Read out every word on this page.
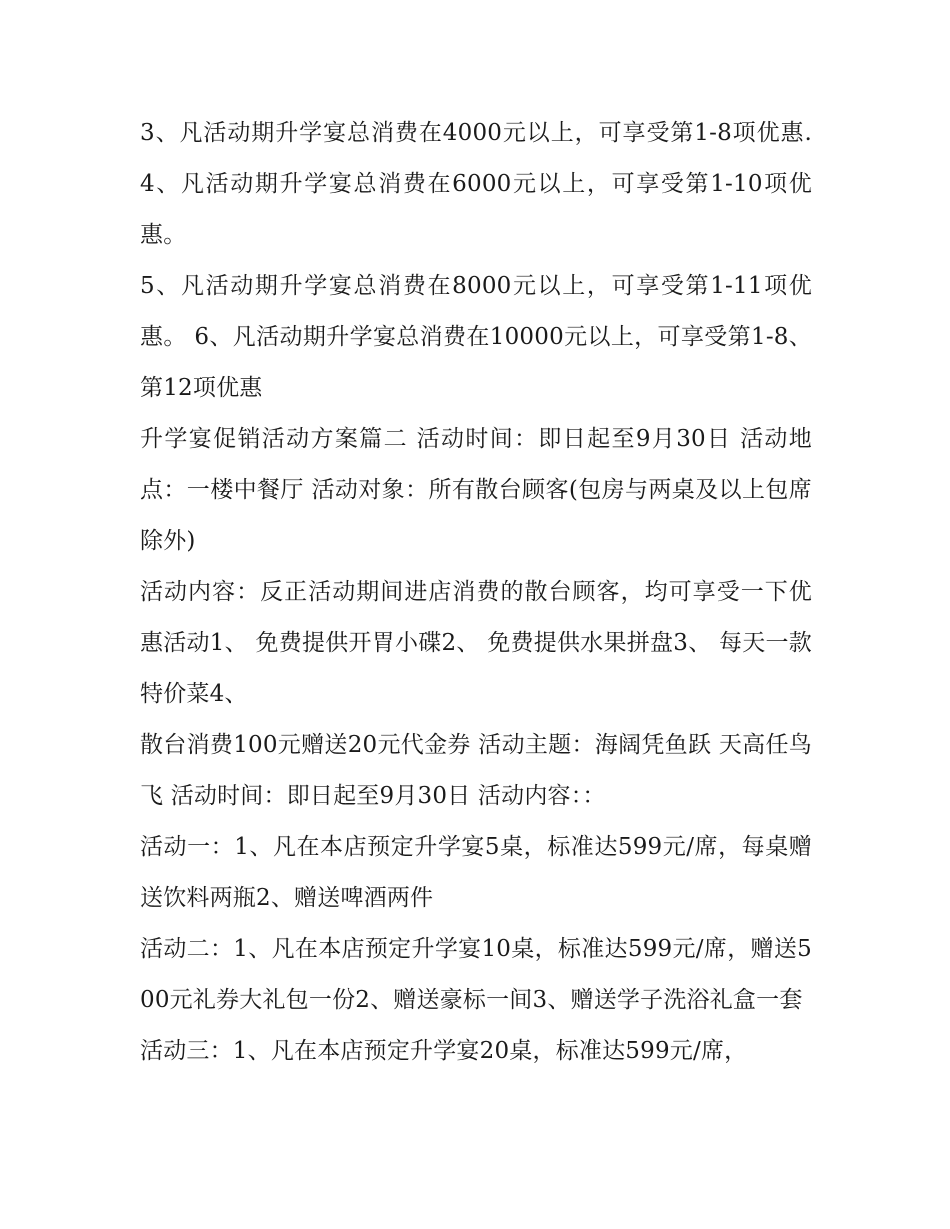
3、凡活动期升学宴总消费在4000元以上，可享受第1-8项优惠.4、凡活动期升学宴总消费在6000元以上，可享受第1-10项优惠。

5、凡活动期升学宴总消费在8000元以上，可享受第1-11项优惠。 6、凡活动期升学宴总消费在10000元以上，可享受第1-8、第12项优惠

升学宴促销活动方案篇二 活动时间：即日起至9月30日 活动地点：一楼中餐厅 活动对象：所有散台顾客(包房与两桌及以上包席除外)

活动内容：反正活动期间进店消费的散台顾客，均可享受一下优惠活动1、 免费提供开胃小碟2、 免费提供水果拼盘3、 每天一款特价菜4、

散台消费100元赠送20元代金券 活动主题：海阔凭鱼跃 天高任鸟飞 活动时间：即日起至9月30日 活动内容：：

活动一：1、凡在本店预定升学宴5桌，标准达599元/席，每桌赠送饮料两瓶2、赠送啤酒两件

活动二：1、凡在本店预定升学宴10桌，标准达599元/席，赠送500元礼券大礼包一份2、赠送豪标一间3、赠送学子洗浴礼盒一套

活动三：1、凡在本店预定升学宴20桌，标准达599元/席，
